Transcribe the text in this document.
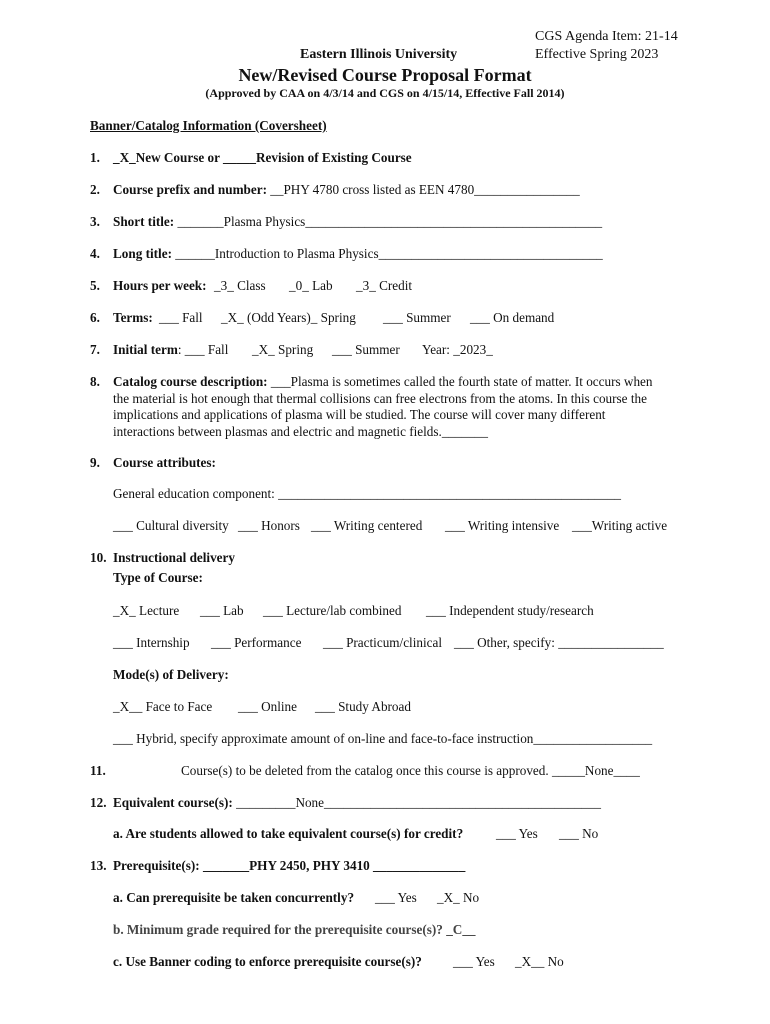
CGS Agenda Item: 21-14
Effective Spring 2023
Eastern Illinois University
New/Revised Course Proposal Format
(Approved by CAA on 4/3/14 and CGS on 4/15/14, Effective Fall 2014)
Banner/Catalog Information (Coversheet)
1. _X_New Course or _____Revision of Existing Course
2. Course prefix and number: __PHY 4780 cross listed as EEN 4780________________
3. Short title: _______Plasma Physics_____________________________________________
4. Long title: ______Introduction to Plasma Physics__________________________________
5. Hours per week: _3_ Class _0_ Lab _3_ Credit
6. Terms: ___ Fall _X_ (Odd Years)_ Spring ___ Summer ___ On demand
7. Initial term: ___ Fall _X_ Spring ___ Summer Year: _2023_
8. Catalog course description: ___Plasma is sometimes called the fourth state of matter. It occurs when the material is hot enough that thermal collisions can free electrons from the atoms. In this course the implications and applications of plasma will be studied. The course will cover many different interactions between plasmas and electric and magnetic fields._______
9. Course attributes:
General education component: ____________________________________________________
___ Cultural diversity ___ Honors ___ Writing centered ___ Writing intensive ___Writing active
10. Instructional delivery
Type of Course:
_X_ Lecture ___ Lab ___ Lecture/lab combined ___ Independent study/research
___ Internship ___ Performance ___ Practicum/clinical ___ Other, specify: ________________
Mode(s) of Delivery:
_X__ Face to Face ___ Online ___ Study Abroad
___ Hybrid, specify approximate amount of on-line and face-to-face instruction__________________
11.	Course(s) to be deleted from the catalog once this course is approved. _____None____
12. Equivalent course(s): _________None__________________________________________
a. Are students allowed to take equivalent course(s) for credit? ___ Yes ___ No
13. Prerequisite(s): _______PHY 2450, PHY 3410 ______________
a. Can prerequisite be taken concurrently? ___ Yes _X_ No
b. Minimum grade required for the prerequisite course(s)? _C__
c. Use Banner coding to enforce prerequisite course(s)? ___ Yes _X__ No
